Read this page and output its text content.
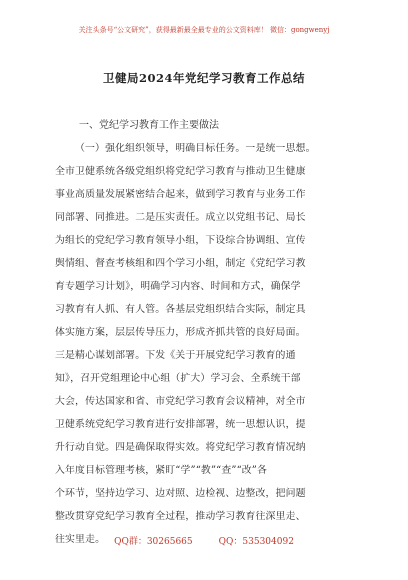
关注头条号“公文研究”，获得最新最全最专业的公文资料库！ 微信：gongwenyj
卫健局2024年党纪学习教育工作总结
一、党纪学习教育工作主要做法
（一）强化组织领导，明确目标任务。一是统一思想。
全市卫健系统各级党组织将党纪学习教育与推动卫生健康
事业高质量发展紧密结合起来，做到学习教育与业务工作
同部署、同推进。二是压实责任。成立以党组书记、局长
为组长的党纪学习教育领导小组，下设综合协调组、宣传
舆情组、督查考核组和四个学习小组，制定《党纪学习教
育专题学习计划》，明确学习内容、时间和方式，确保学
习教育有人抓、有人管。各基层党组织结合实际，制定具
体实施方案，层层传导压力，形成齐抓共管的良好局面。
三是精心谋划部署。下发《关于开展党纪学习教育的通
知》，召开党组理论中心组（扩大）学习会、全系统干部
大会，传达国家和省、市党纪学习教育会议精神，对全市
卫健系统党纪学习教育进行安排部署，统一思想认识，提
升行动自觉。四是确保取得实效。将党纪学习教育情况纳
入年度目标管理考核，紧盯“学”“教”“查”“改”各
个环节，坚持边学习、边对照、边检视、边整改，把问题
整改贯穿党纪学习教育全过程，推动学习教育往深里走、
往实里走。 QQ群：30265665	QQ：535304092
